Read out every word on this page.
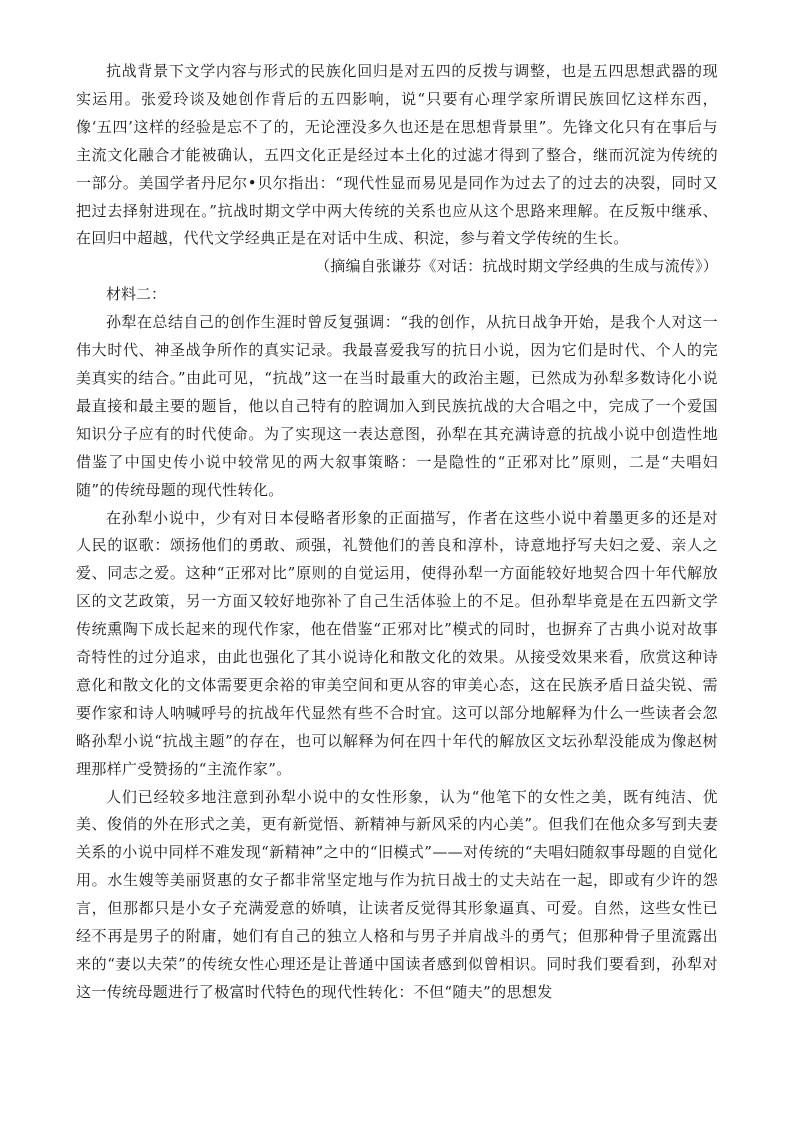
抗战背景下文学内容与形式的民族化回归是对五四的反拨与调整，也是五四思想武器的现实运用。张爱玲谈及她创作背后的五四影响，说“只要有心理学家所谓民族回忆这样东西，像‘五四’这样的经验是忘不了的，无论湮没多久也还是在思想背景里”。先锋文化只有在事后与主流文化融合才能被确认，五四文化正是经过本土化的过滤才得到了整合，继而沉淀为传统的一部分。美国学者丹尼尔•贝尔指出：“现代性显而易见是同作为过去了的过去的决裂，同时又把过去择射进现在。”抗战时期文学中两大传统的关系也应从这个思路来理解。在反叛中继承、在回归中超越，代代文学经典正是在对话中生成、积淀，参与着文学传统的生长。

（摘编自张谦芬《对话：抗战时期文学经典的生成与流传》）

材料二：

孙犁在总结自己的创作生涯时曾反复强调：“我的创作，从抗日战争开始，是我个人对这一伟大时代、神圣战争所作的真实记录。我最喜爱我写的抗日小说，因为它们是时代、个人的完美真实的结合。”由此可见，“抗战”这一在当时最重大的政治主题，已然成为孙犁多数诗化小说最直接和最主要的题旨，他以自己特有的腔调加入到民族抗战的大合唱之中，完成了一个爱国知识分子应有的时代使命。为了实现这一表达意图，孙犁在其充满诗意的抗战小说中创造性地借鉴了中国史传小说中较常见的两大叙事策略：一是隐性的“正邪对比”原则，二是“夫唱妇随”的传统母题的现代性转化。

在孙犁小说中，少有对日本侵略者形象的正面描写，作者在这些小说中着墨更多的还是对人民的讴歌：颂扬他们的勇敢、顽强，礼赞他们的善良和淳朴，诗意地抒写夫妇之爱、亲人之爱、同志之爱。这种“正邪对比”原则的自觉运用，使得孙犁一方面能较好地契合四十年代解放区的文艺政策，另一方面又较好地弥补了自己生活体验上的不足。但孙犁毕竟是在五四新文学传统熏陶下成长起来的现代作家，他在借鉴“正邪对比”模式的同时，也摒弃了古典小说对故事奇特性的过分追求，由此也强化了其小说诗化和散文化的效果。从接受效果来看，欣赏这种诗意化和散文化的文体需要更余裕的审美空间和更从容的审美心态，这在民族矛盾日益尖锐、需要作家和诗人呐喊呼号的抗战年代显然有些不合时宜。这可以部分地解释为什么一些读者会忽略孙犁小说“抗战主题”的存在，也可以解释为何在四十年代的解放区文坛孙犁没能成为像赵树理那样广受赞扬的“主流作家”。

人们已经较多地注意到孙犁小说中的女性形象，认为“他笔下的女性之美，既有纯洁、优美、俊俏的外在形式之美，更有新觉悟、新精神与新风采的内心美”。但我们在他众多写到夫妻关系的小说中同样不难发现“新精神”之中的“旧模式”——对传统的“夫唱妇随叙事母题的自觉化用。水生嫂等美丽贤惠的女子都非常坚定地与作为抗日战士的丈夫站在一起，即或有少许的怨言，但那都只是小女子充满爱意的娇嗔，让读者反觉得其形象逼真、可爱。自然，这些女性已经不再是男子的附庸，她们有自己的独立人格和与男子并肩战斗的勇气；但那种骨子里流露出来的“妻以夫荣”的传统女性心理还是让普通中国读者感到似曾相识。同时我们要看到，孙犁对这一传统母题进行了极富时代特色的现代性转化：不但“随夫”的思想发
